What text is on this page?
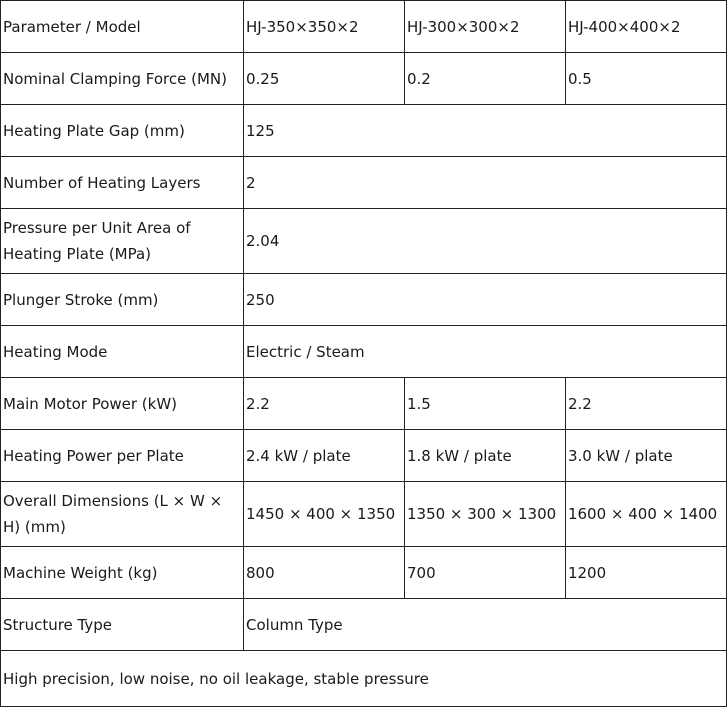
Parameter / Model	HJ-350×350×2	HJ-300×300×2	HJ-400×400×2
Nominal Clamping Force (MN)	0.25	0.2	0.5
Heating Plate Gap (mm)	125		
Number of Heating Layers	2		
Pressure per Unit Area of Heating Plate (MPa)	2.04		
Plunger Stroke (mm)	250		
Heating Mode	Electric / Steam		
Main Motor Power (kW)	2.2	1.5	2.2
Heating Power per Plate	2.4 kW / plate	1.8 kW / plate	3.0 kW / plate
Overall Dimensions (L × W × H) (mm)	1450 × 400 × 1350	1350 × 300 × 1300	1600 × 400 × 1400
Machine Weight (kg)	800	700	1200
Structure Type	Column Type		
High precision, low noise, no oil leakage, stable pressure			
